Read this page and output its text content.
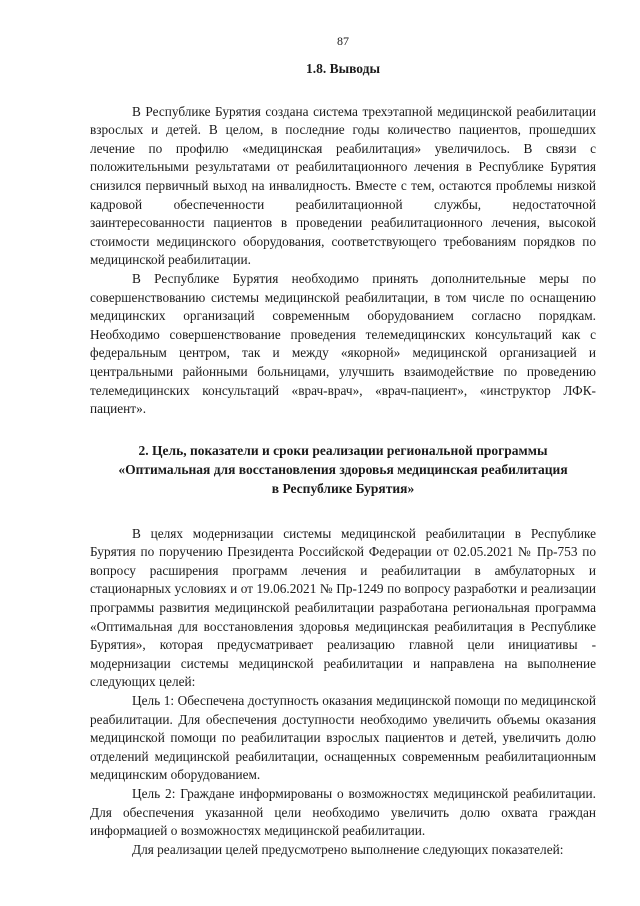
87
1.8. Выводы

В Республике Бурятия создана система трехэтапной медицинской реабилитации взрослых и детей. В целом, в последние годы количество пациентов, прошедших лечение по профилю «медицинская реабилитация» увеличилось. В связи с положительными результатами от реабилитационного лечения в Республике Бурятия снизился первичный выход на инвалидность. Вместе с тем, остаются проблемы низкой кадровой обеспеченности реабилитационной службы, недостаточной заинтересованности пациентов в проведении реабилитационного лечения, высокой стоимости медицинского оборудования, соответствующего требованиям порядков по медицинской реабилитации.

В Республике Бурятия необходимо принять дополнительные меры по совершенствованию системы медицинской реабилитации, в том числе по оснащению медицинских организаций современным оборудованием согласно порядкам. Необходимо совершенствование проведения телемедицинских консультаций как с федеральным центром, так и между «якорной» медицинской организацией и центральными районными больницами, улучшить взаимодействие по проведению телемедицинских консультаций «врач-врач», «врач-пациент», «инструктор ЛФК-пациент».

2. Цель, показатели и сроки реализации региональной программы
«Оптимальная для восстановления здоровья медицинская реабилитация
в Республике Бурятия»

В целях модернизации системы медицинской реабилитации в Республике Бурятия по поручению Президента Российской Федерации от 02.05.2021 № Пр-753 по вопросу расширения программ лечения и реабилитации в амбулаторных и стационарных условиях и от 19.06.2021 № Пр-1249 по вопросу разработки и реализации программы развития медицинской реабилитации разработана региональная программа «Оптимальная для восстановления здоровья медицинская реабилитация в Республике Бурятия», которая предусматривает реализацию главной цели инициативы - модернизации системы медицинской реабилитации и направлена на выполнение следующих целей:

Цель 1: Обеспечена доступность оказания медицинской помощи по медицинской реабилитации. Для обеспечения доступности необходимо увеличить объемы оказания медицинской помощи по реабилитации взрослых пациентов и детей, увеличить долю отделений медицинской реабилитации, оснащенных современным реабилитационным медицинским оборудованием.

Цель 2: Граждане информированы о возможностях медицинской реабилитации. Для обеспечения указанной цели необходимо увеличить долю охвата граждан информацией о возможностях медицинской реабилитации.

Для реализации целей предусмотрено выполнение следующих показателей:
